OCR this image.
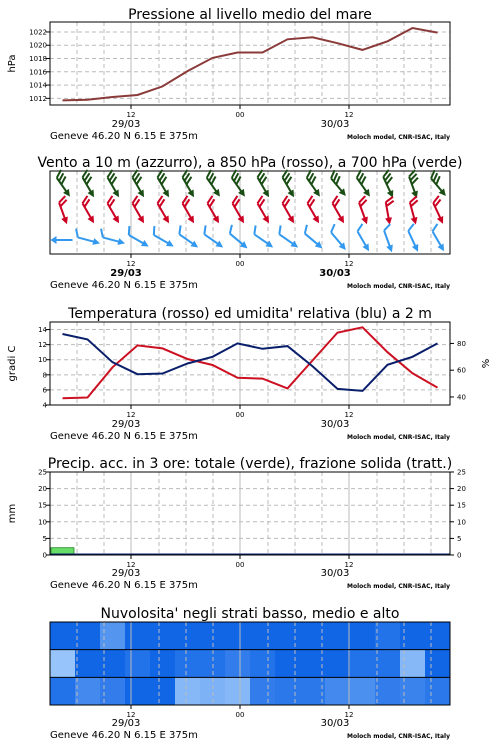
Pressione al livello medio del mare
1012
1014
1016
1018
1020
1022
hPa
12	00	12
29/03	30/03
Geneve 46.20 N 6.15 E 375m	Moloch model, CNR-ISAC, Italy
Vento a 10 m (azzurro), a 850 hPa (rosso), a 700 hPa (verde)
12	00	12
29/03	30/03
Geneve 46.20 N 6.15 E 375m	Moloch model, CNR-ISAC, Italy
Temperatura (rosso) ed umidita' relativa (blu) a 2 m
4
6
8
10
12
14
40
60
80
gradi C	%
12	00	12
29/03	30/03
Geneve 46.20 N 6.15 E 375m	Moloch model, CNR-ISAC, Italy
Precip. acc. in 3 ore: totale (verde), frazione solida (tratt.)
0
5
10
15
20
25
0
5
10
15
20
25
mm
12	00	12
29/03	30/03
Geneve 46.20 N 6.15 E 375m	Moloch model, CNR-ISAC, Italy
Nuvolosita' negli strati basso, medio e alto
12	00	12
29/03	30/03
Geneve 46.20 N 6.15 E 375m	Moloch model, CNR-ISAC, Italy
